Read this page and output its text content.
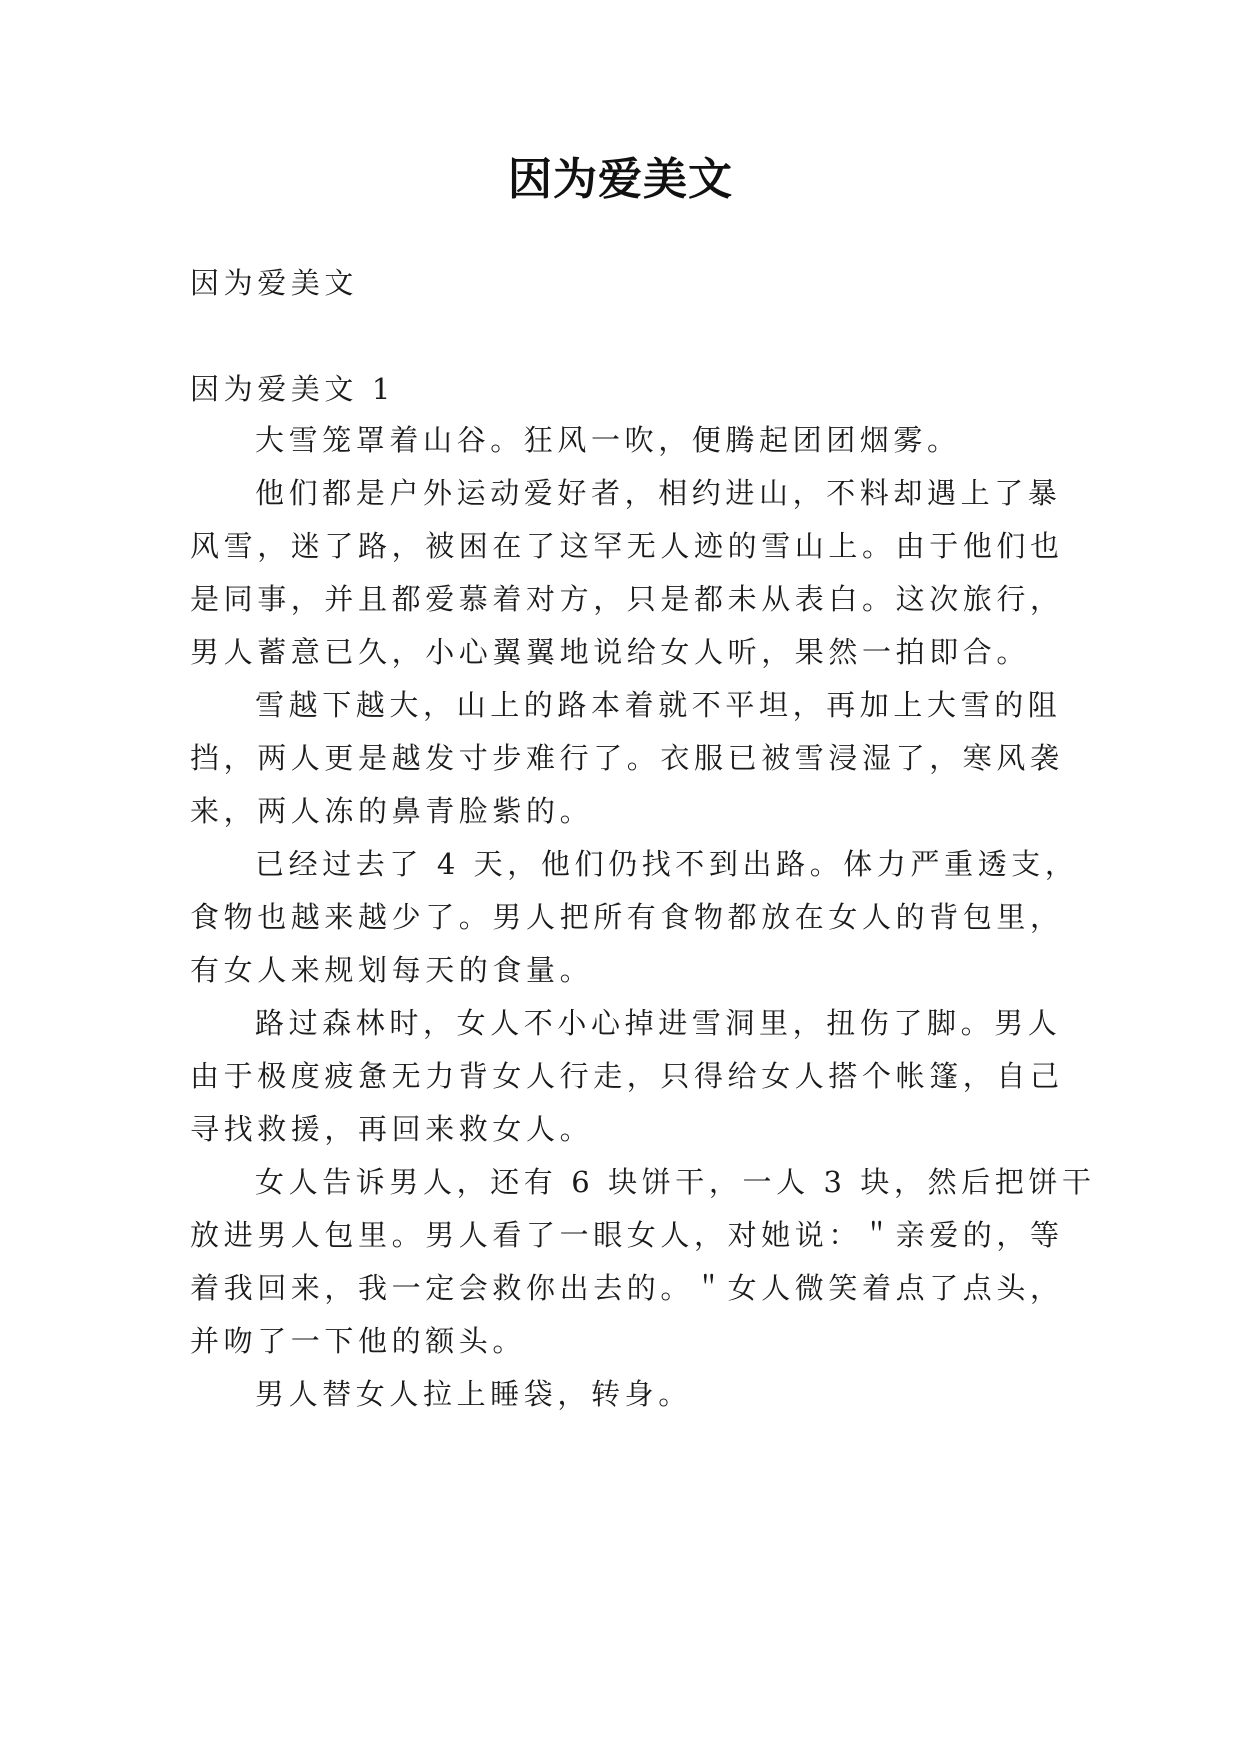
因为爱美文
因为爱美文
因为爱美文 1
大雪笼罩着山谷。狂风一吹，便腾起团团烟雾。
他们都是户外运动爱好者，相约进山，不料却遇上了暴
风雪，迷了路，被困在了这罕无人迹的雪山上。由于他们也
是同事，并且都爱慕着对方，只是都未从表白。这次旅行，
男人蓄意已久，小心翼翼地说给女人听，果然一拍即合。
雪越下越大，山上的路本着就不平坦，再加上大雪的阻
挡，两人更是越发寸步难行了。衣服已被雪浸湿了，寒风袭
来，两人冻的鼻青脸紫的。
已经过去了 4 天，他们仍找不到出路。体力严重透支，
食物也越来越少了。男人把所有食物都放在女人的背包里，
有女人来规划每天的食量。
路过森林时，女人不小心掉进雪洞里，扭伤了脚。男人
由于极度疲惫无力背女人行走，只得给女人搭个帐篷，自己
寻找救援，再回来救女人。
女人告诉男人，还有 6 块饼干，一人 3 块，然后把饼干
放进男人包里。男人看了一眼女人，对她说：＂亲爱的，等
着我回来，我一定会救你出去的。＂女人微笑着点了点头，
并吻了一下他的额头。
男人替女人拉上睡袋，转身。
